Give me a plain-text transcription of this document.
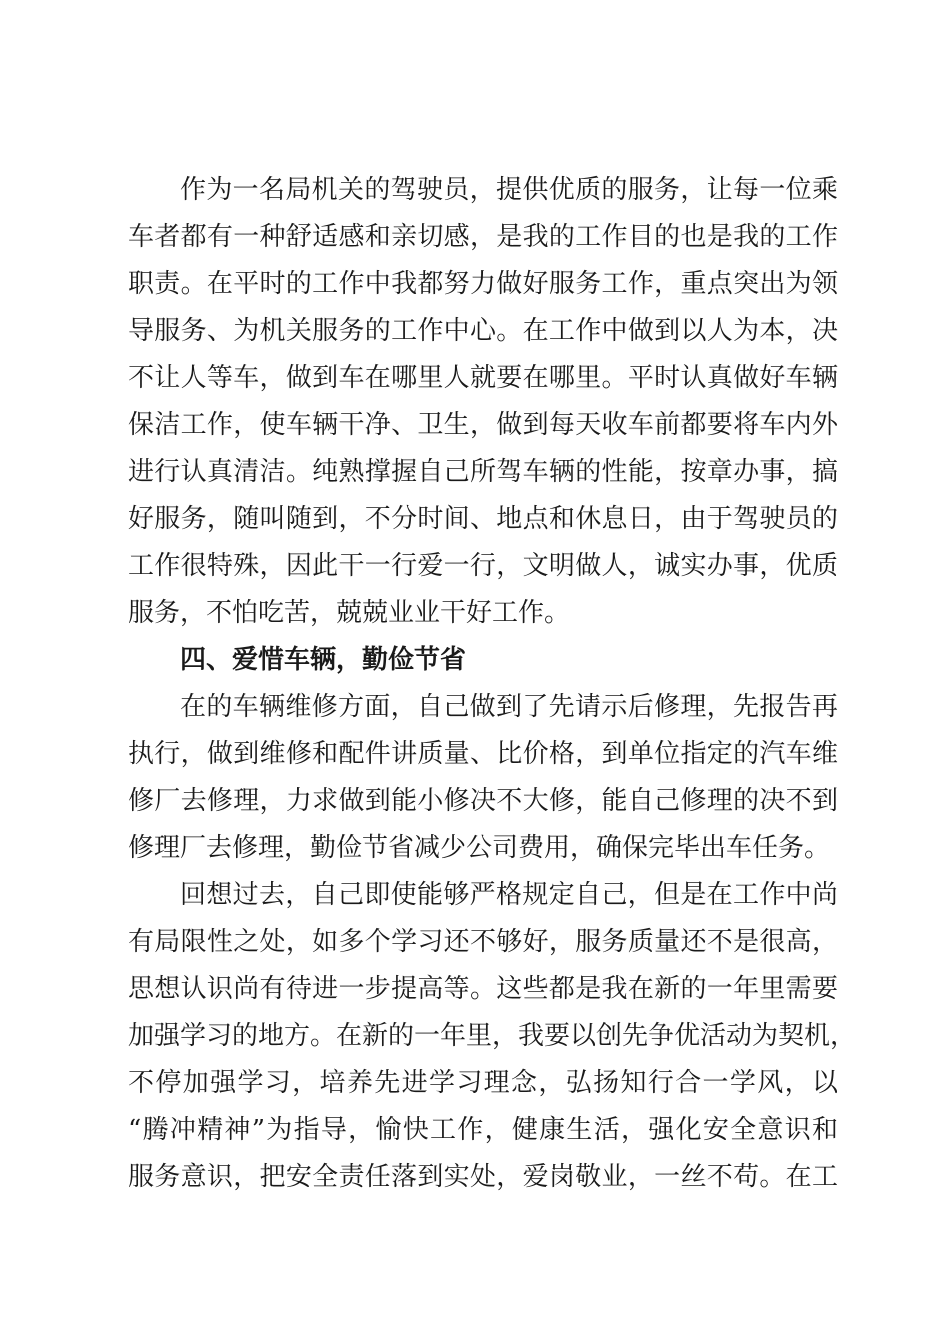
作为一名局机关的驾驶员，提供优质的服务，让每一位乘
车者都有一种舒适感和亲切感，是我的工作目的也是我的工作
职责。在平时的工作中我都努力做好服务工作，重点突出为领
导服务、为机关服务的工作中心。在工作中做到以人为本，决
不让人等车，做到车在哪里人就要在哪里。平时认真做好车辆
保洁工作，使车辆干净、卫生，做到每天收车前都要将车内外
进行认真清洁。纯熟撑握自己所驾车辆的性能，按章办事，搞
好服务，随叫随到，不分时间、地点和休息日，由于驾驶员的
工作很特殊，因此干一行爱一行，文明做人，诚实办事，优质
服务，不怕吃苦，兢兢业业干好工作。
四、爱惜车辆，勤俭节省
在的车辆维修方面，自己做到了先请示后修理，先报告再
执行，做到维修和配件讲质量、比价格，到单位指定的汽车维
修厂去修理，力求做到能小修决不大修，能自己修理的决不到
修理厂去修理，勤俭节省减少公司费用，确保完毕出车任务。
回想过去，自己即使能够严格规定自己，但是在工作中尚
有局限性之处，如多个学习还不够好，服务质量还不是很高，
思想认识尚有待进一步提高等。这些都是我在新的一年里需要
加强学习的地方。在新的一年里，我要以创先争优活动为契机，
不停加强学习，培养先进学习理念，弘扬知行合一学风，以
“腾冲精神”为指导，愉快工作，健康生活，强化安全意识和
服务意识，把安全责任落到实处，爱岗敬业，一丝不苟。在工
